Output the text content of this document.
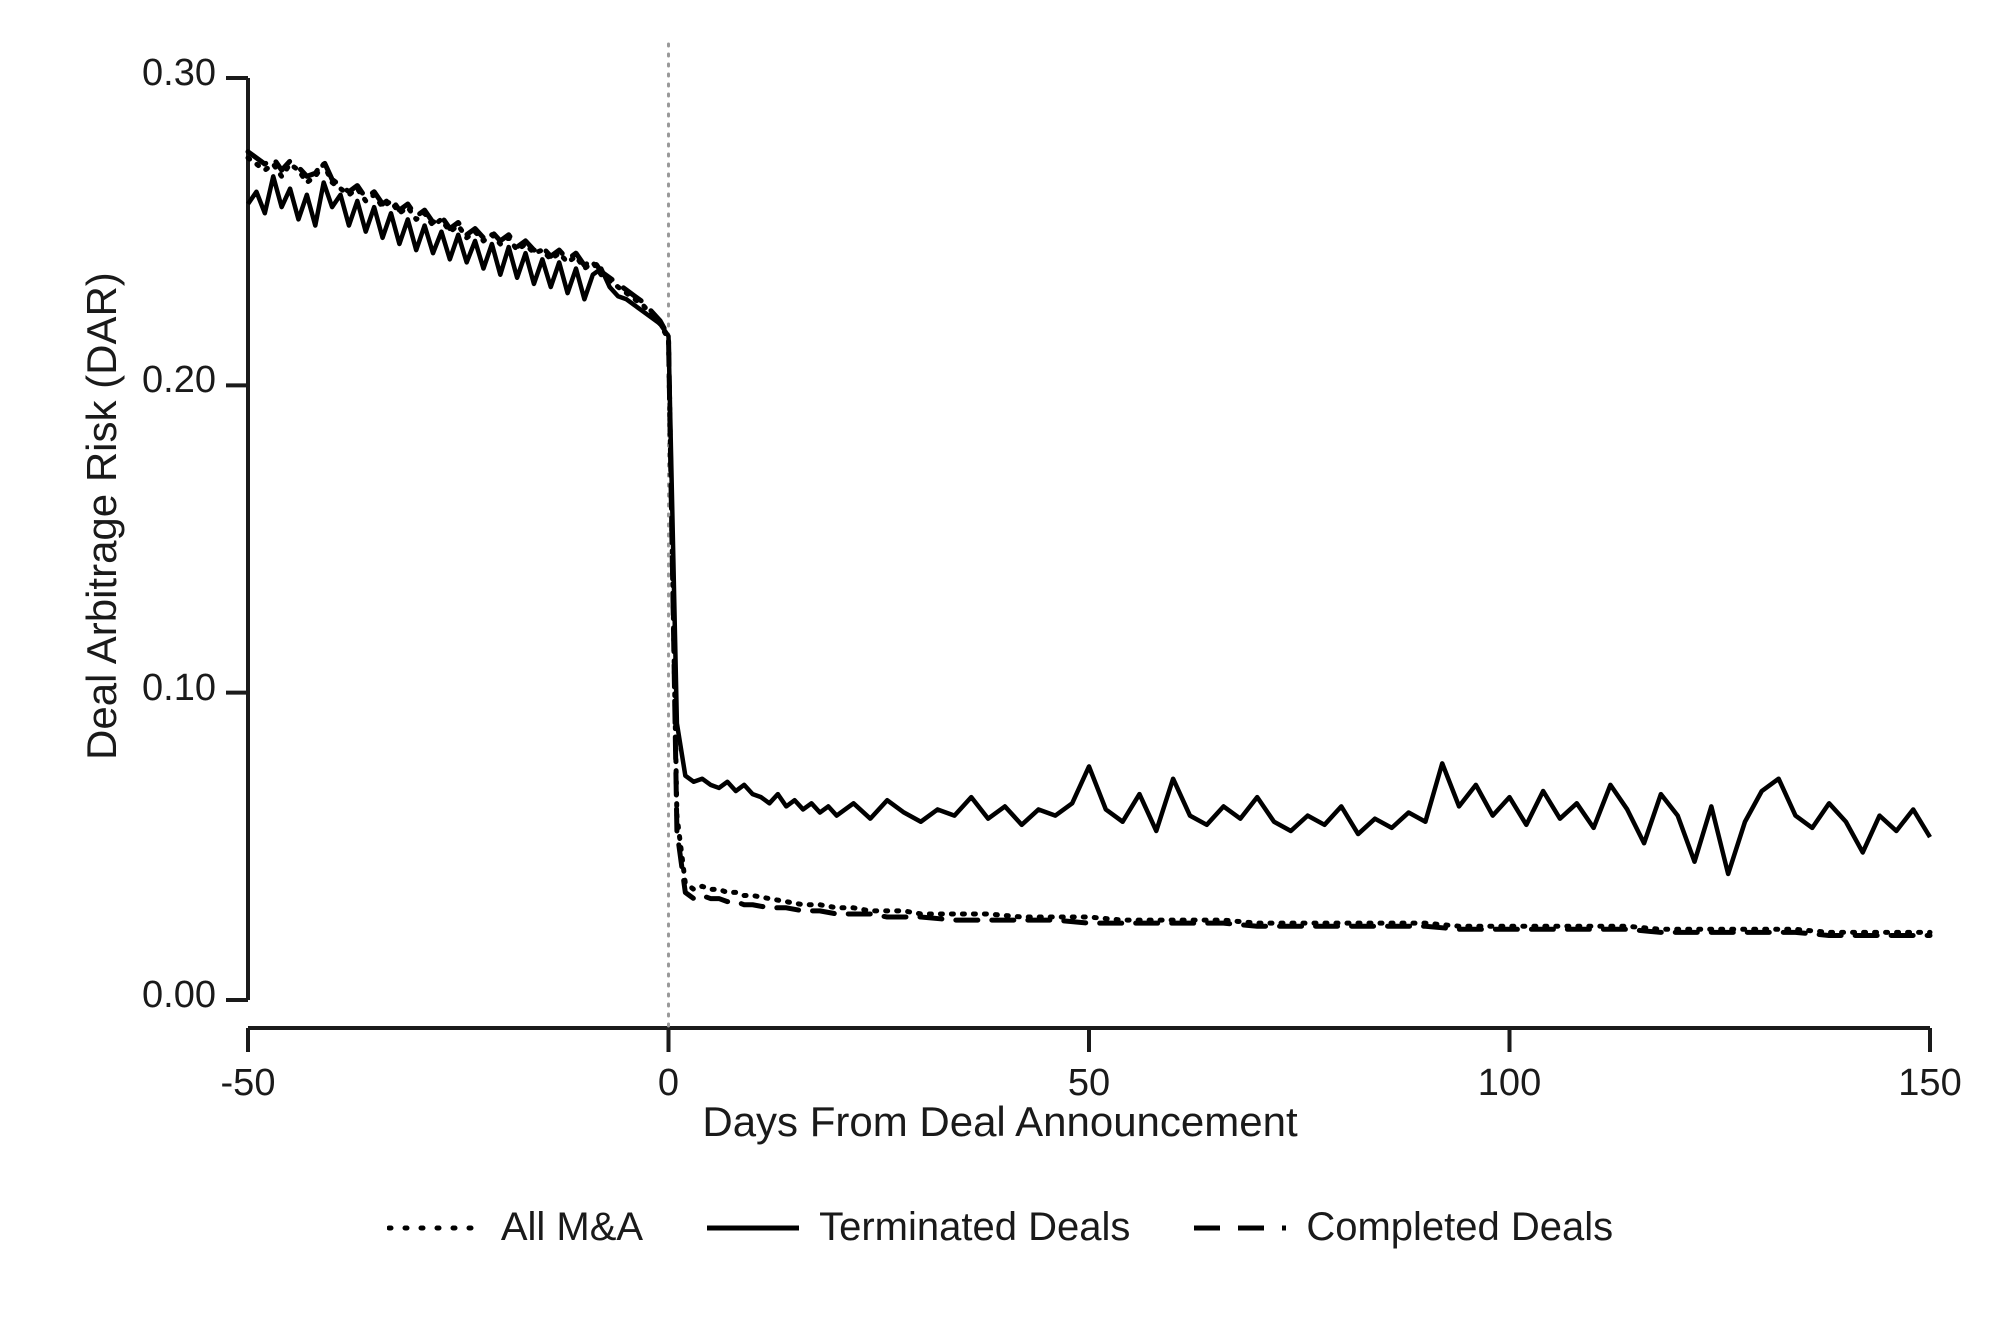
Deal Arbitrage Risk (DAR)
Days From Deal Announcement
0.00
0.10
0.20
0.30
-50	0	50	100	150
All M&A	Terminated Deals	Completed Deals
